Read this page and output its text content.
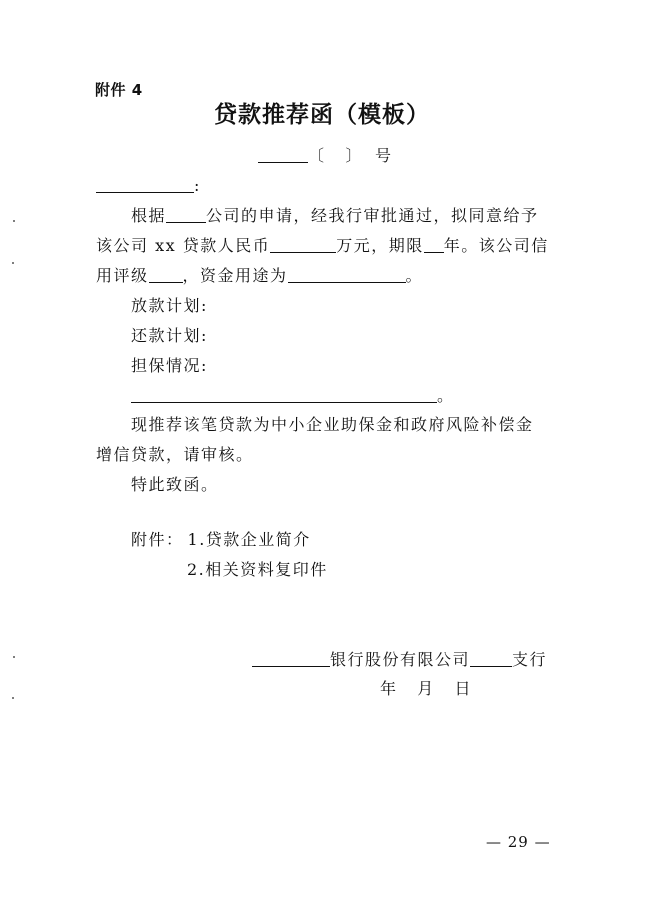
附件 4
贷款推荐函（模板）
〔 〕 号
:
根据	公司的申请，经我行审批通过，拟同意给予
该公司 xx 贷款人民币	万元，期限 年。该公司信
用评级 ，资金用途为	。
放款计划:
还款计划:
担保情况:
。
现推荐该笔贷款为中小企业助保金和政府风险补偿金
增信贷款，请审核。
特此致函。
附件： 1.贷款企业简介
2.相关资料复印件
银行股份有限公司	支行
年   月   日
— 29 —
